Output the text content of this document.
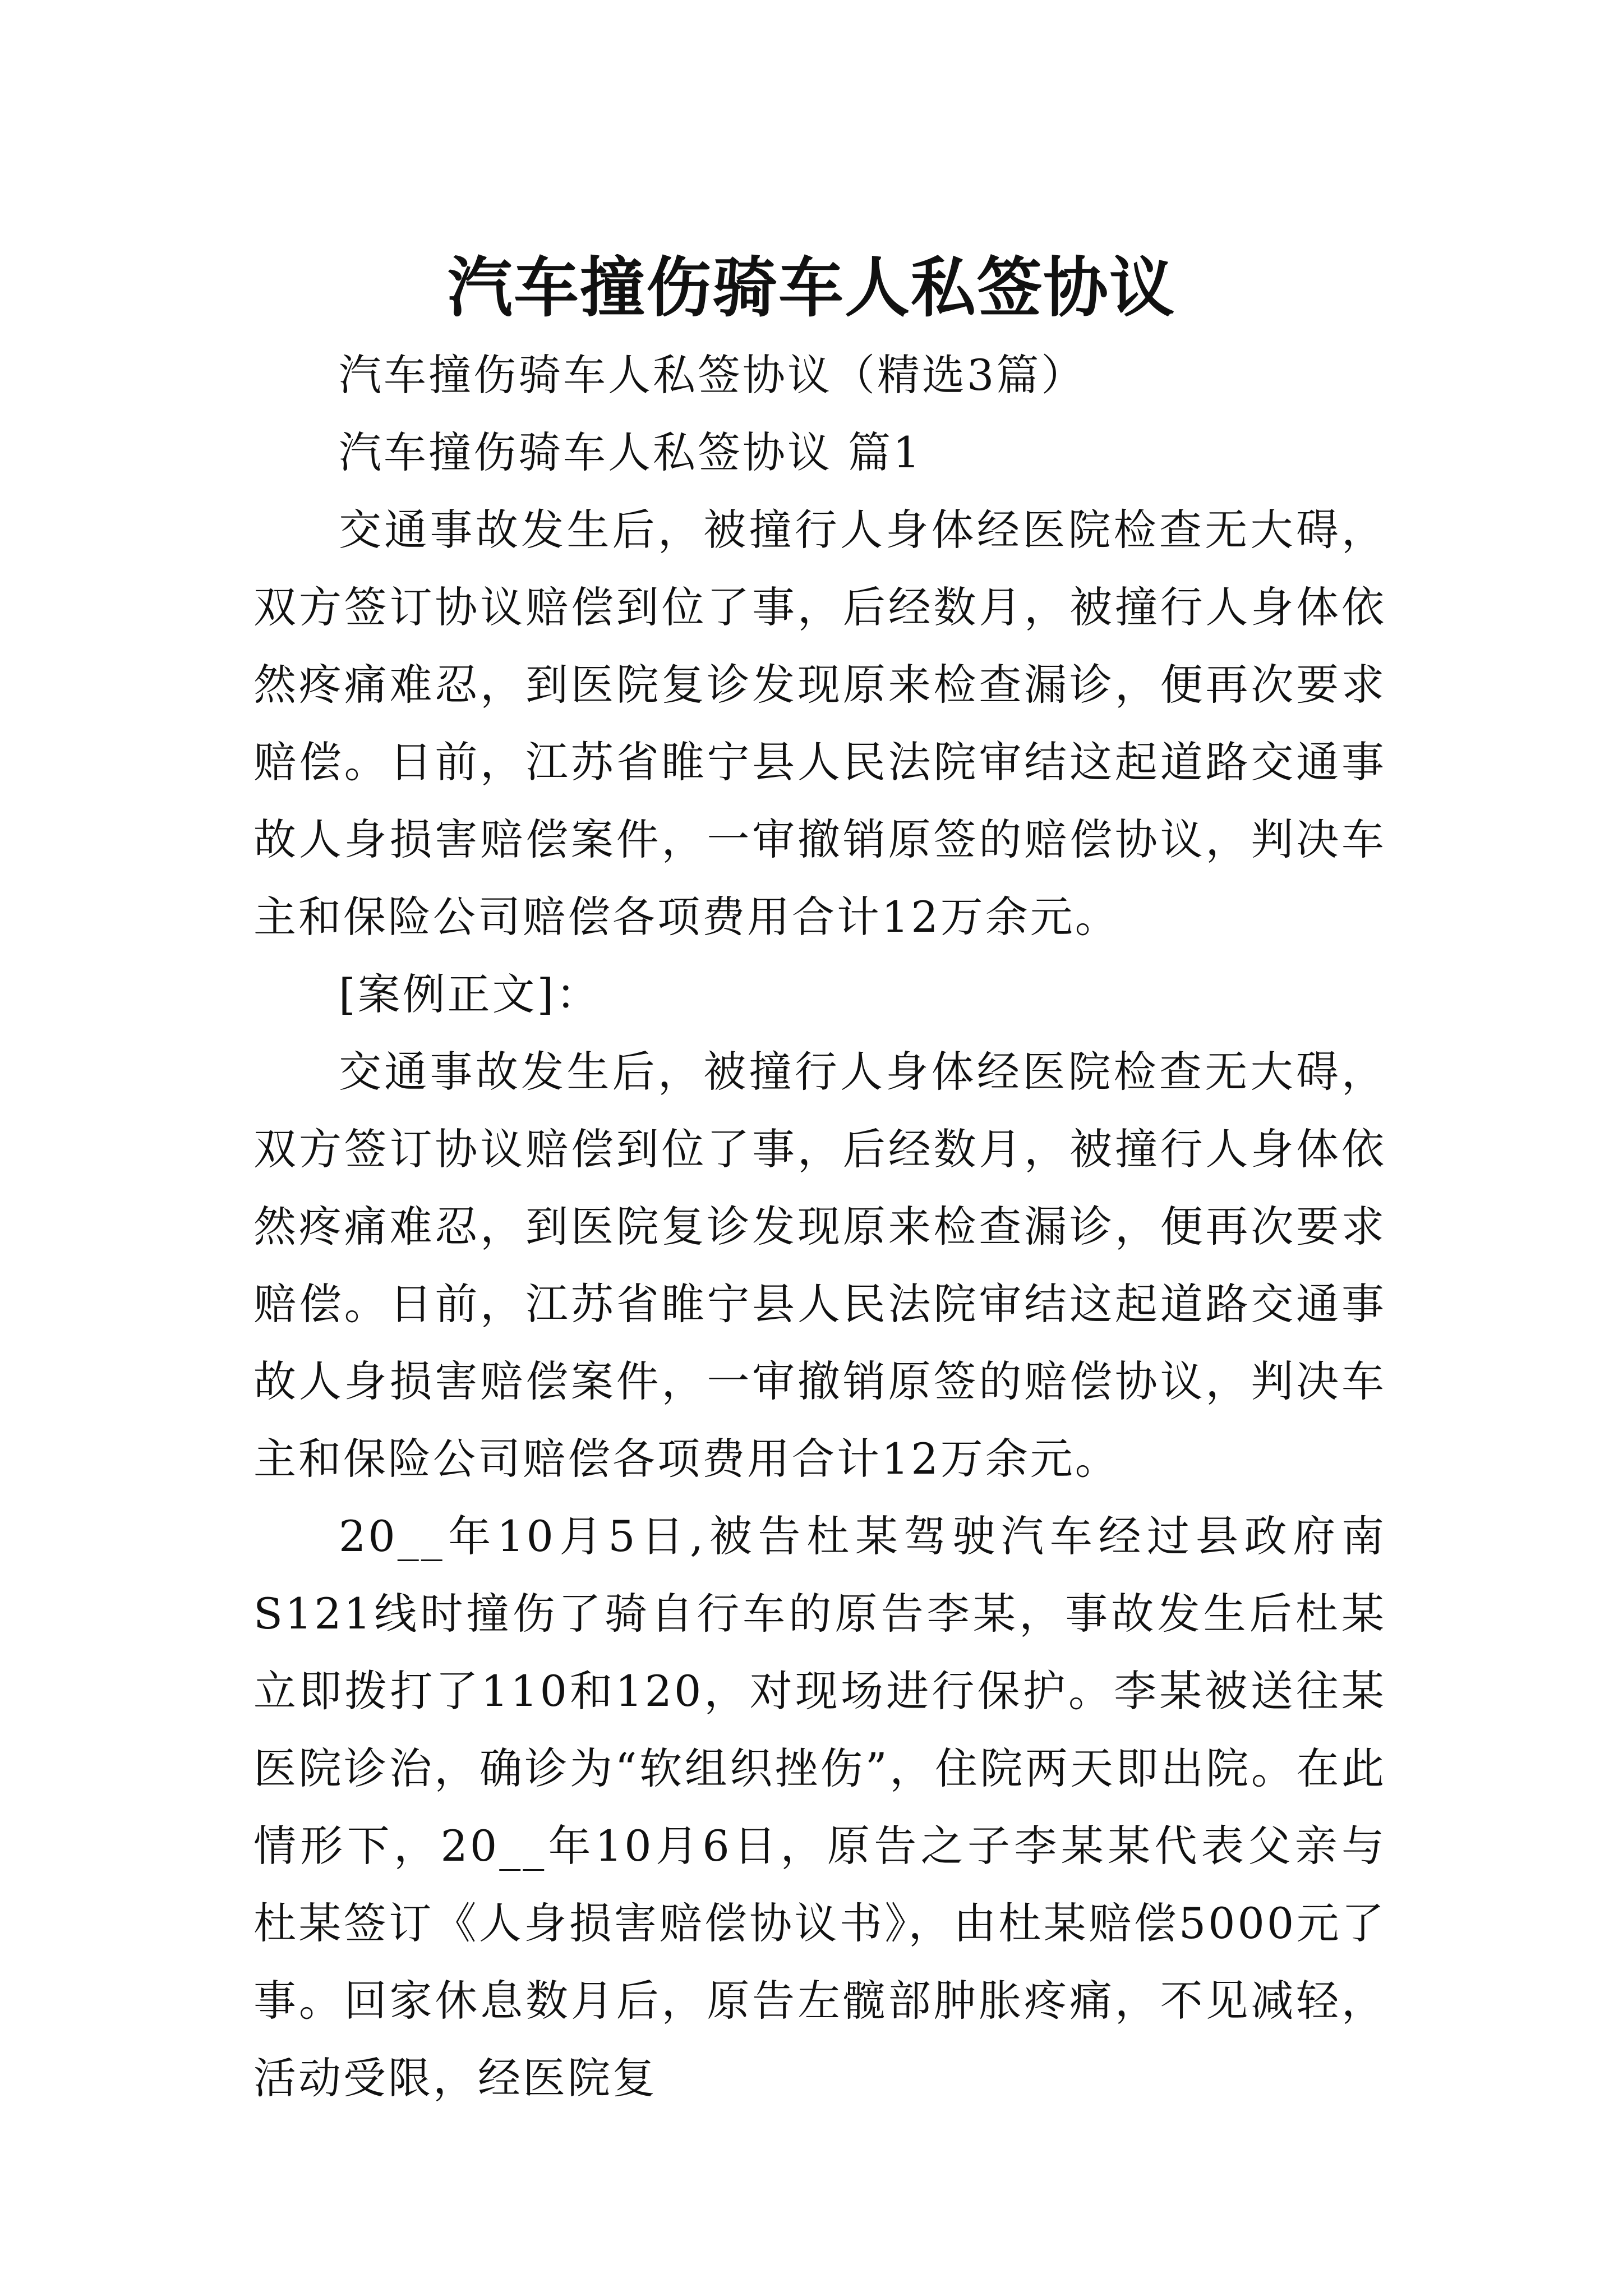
汽车撞伤骑车人私签协议

汽车撞伤骑车人私签协议（精选3篇）

汽车撞伤骑车人私签协议 篇1

交通事故发生后，被撞行人身体经医院检查无大碍，双方签订协议赔偿到位了事，后经数月，被撞行人身体依然疼痛难忍，到医院复诊发现原来检查漏诊，便再次要求赔偿。日前，江苏省睢宁县人民法院审结这起道路交通事故人身损害赔偿案件，一审撤销原签的赔偿协议，判决车主和保险公司赔偿各项费用合计12万余元。

[案例正文]：

交通事故发生后，被撞行人身体经医院检查无大碍，双方签订协议赔偿到位了事，后经数月，被撞行人身体依然疼痛难忍，到医院复诊发现原来检查漏诊，便再次要求赔偿。日前，江苏省睢宁县人民法院审结这起道路交通事故人身损害赔偿案件，一审撤销原签的赔偿协议，判决车主和保险公司赔偿各项费用合计12万余元。

20__年10月5日,被告杜某驾驶汽车经过县政府南S121线时撞伤了骑自行车的原告李某，事故发生后杜某立即拨打了110和120，对现场进行保护。李某被送往某医院诊治，确诊为“软组织挫伤”，住院两天即出院。在此情形下，20__年10月6日，原告之子李某某代表父亲与杜某签订《人身损害赔偿协议书》，由杜某赔偿5000元了事。回家休息数月后，原告左髋部肿胀疼痛，不见减轻，活动受限，经医院复
